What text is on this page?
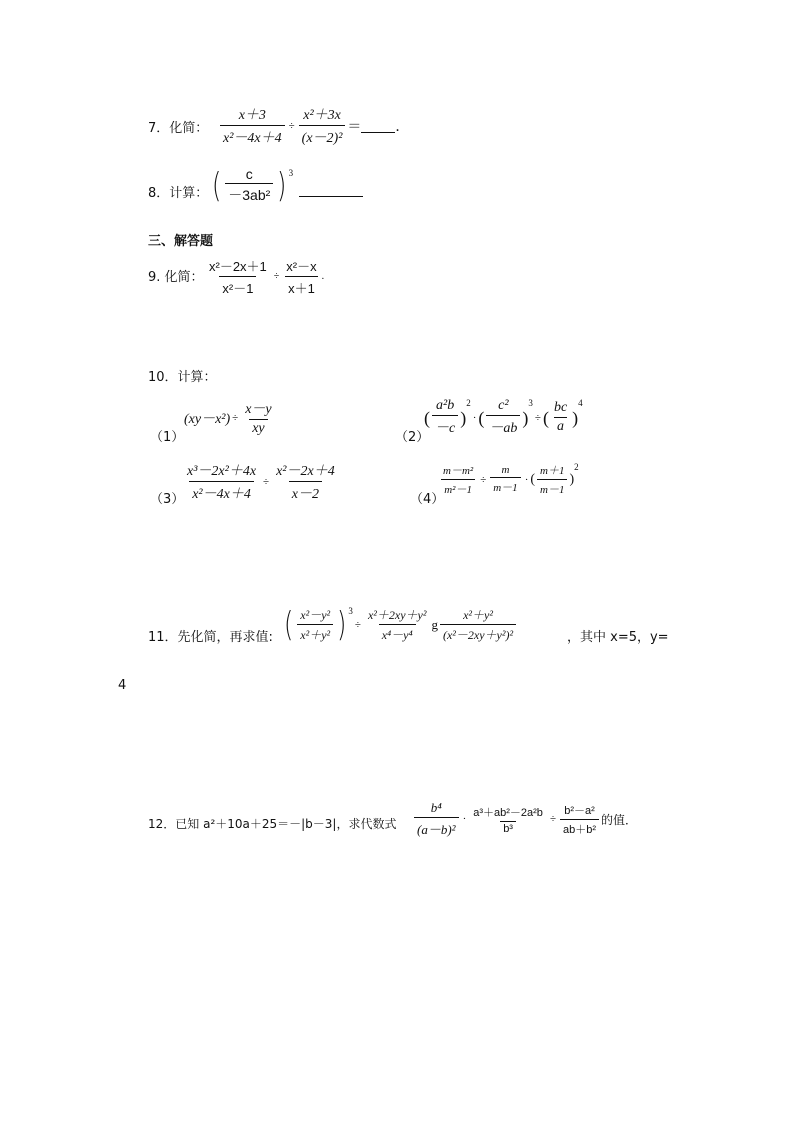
7．化简： $\frac{x+3}{\text{x²－4x＋4}} \div \frac{\text{x²＋3x}}{\text{(x－2)²}}$ ＝ ．
8．计算： ( $\frac{c}{\text{－3ab²}}$ ) 3
三、解答题
9. 化简： $\frac{\text{x²－2x＋1}}{\text{x²－1}} \div \frac{\text{x²－x}}{x+1}$ .
10．计算：
（1）
$(xy-x^2) \div \frac{x-y}{xy}$
（2）
( $\frac{\text{a²b}}{-c}$ )
2
· ( $\frac{\text{c²}}{-ab}$ )
3
÷ ( $\frac{bc}{a}$ )
4
$(3) \frac{\text{x³－2x²＋4x}}{\text{x²－4x＋4}} \div \frac{\text{x²－2x＋4}}{x-2}$	（4）
$\frac{\text{m－m²}}{\text{m²－1}} \div \frac{m}{m-1}$ · ( $\frac{m+1}{m-1}$ )
2
11．先化简，再求值: ( $\frac{\text{x²－y²}}{\text{x²＋y²}}$ ) 3
÷ $\frac{\text{x²＋2xy＋y²}}{\text{x⁴－y⁴}}$ g $\frac{\text{x²＋y²}}{\text{(x²－2xy＋y²)²}}$	，其中 x=5，y=
4
12．已知 a²＋10a＋25＝－|b－3|，求代数式 $\frac{\text{b⁴}}{\text{(a－b)²}} \cdot \frac{\text{a³＋ab²－2a²b}}{\text{b³}} \div \frac{\text{b²－a²}}{\text{ab＋b²}}$ 的值．
